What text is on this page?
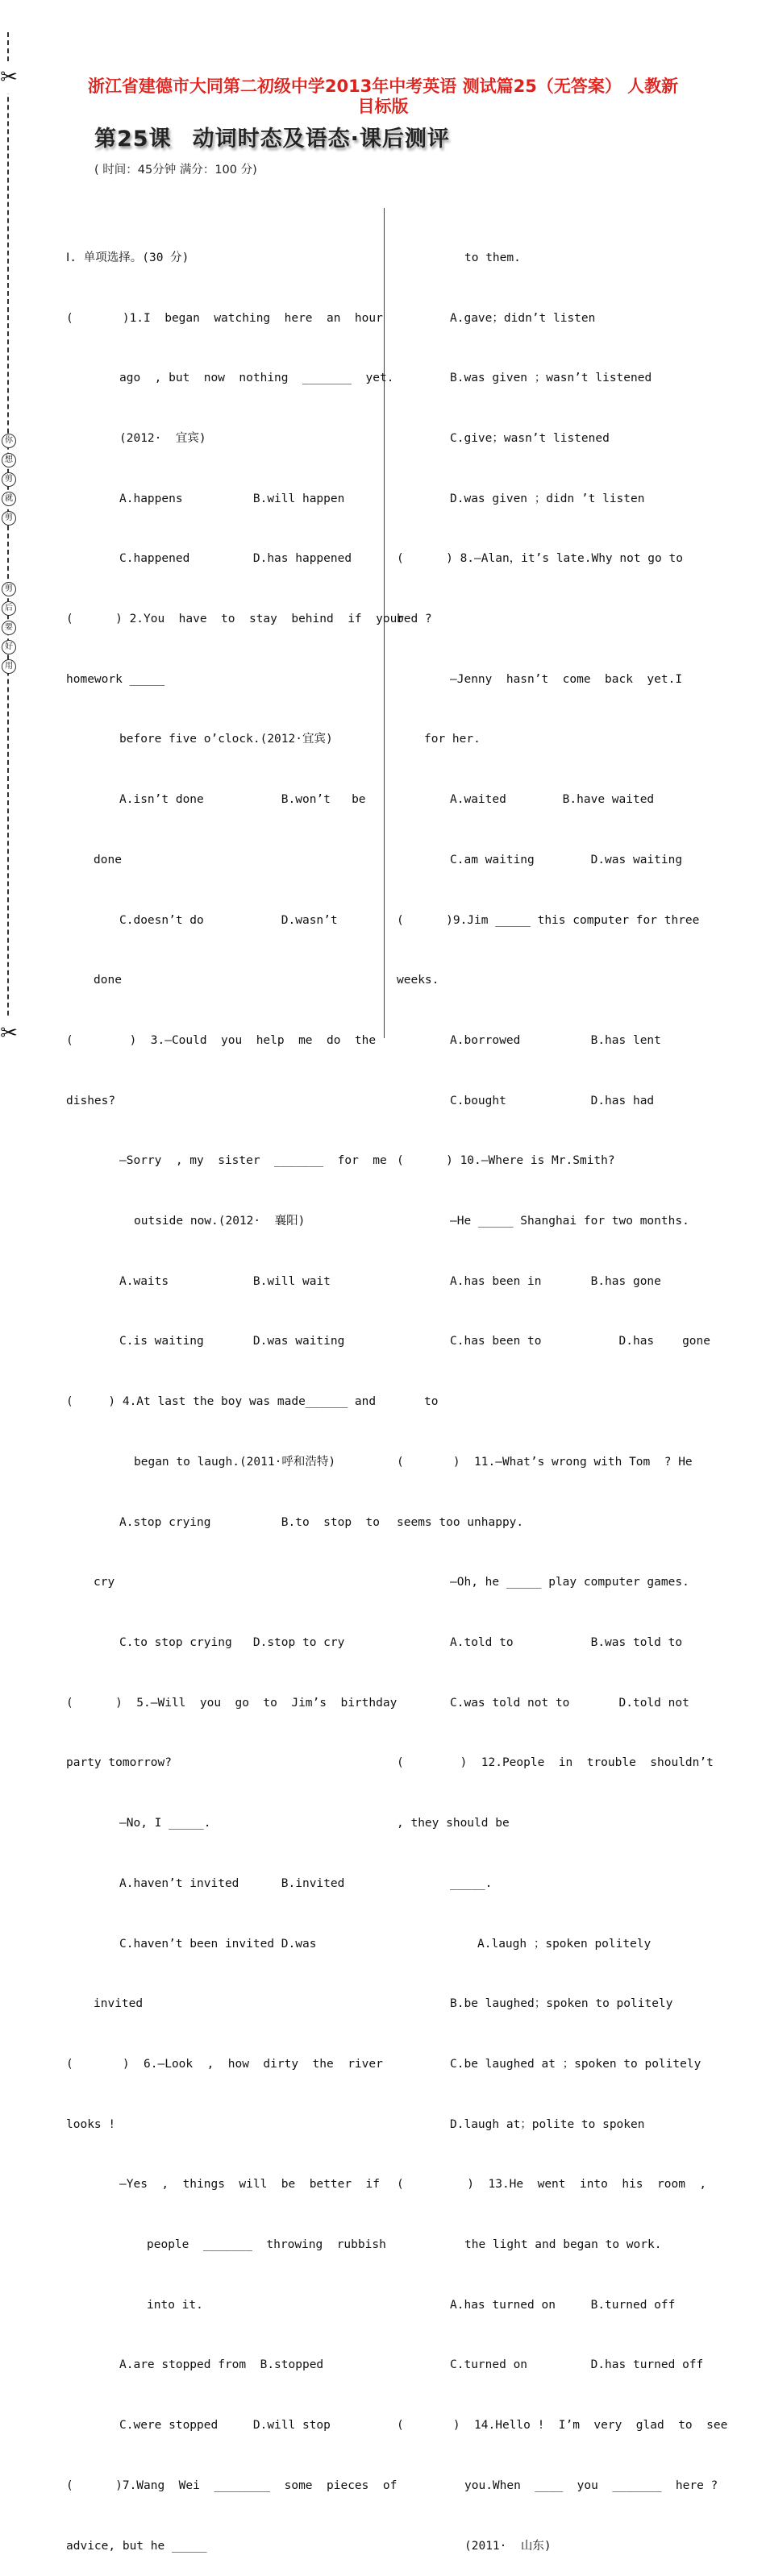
✂
✂
你
想
剪
就
剪
剪
后
要
好
用
浙江省建德市大同第二初级中学2013年中考英语 测试篇25（无答案） 人教新
目标版
第25课 动词时态及语态·课后测评
( 时间：45分钟 满分：100 分)

Ⅰ. 单项选择。(30 分)

(       )1.I  began  watching  here  an  hour

ago  , but  now  nothing  _______  yet.

(2012·  宜宾)

A.happens          B.will happen

C.happened         D.has happened

(      ) 2.You  have  to  stay  behind  if  your

homework _____

before five o’clock.(2012·宜宾)

A.isn’t done           B.won’t   be

done

C.doesn’t do           D.wasn’t

done

(        )  3.—Could  you  help  me  do  the

dishes?

—Sorry  , my  sister  _______  for  me

outside now.(2012·  襄阳)

A.waits            B.will wait

C.is waiting       D.was waiting

(     ) 4.At last the boy was made______ and

began to laugh.(2011·呼和浩特)

A.stop crying          B.to  stop  to

cry

C.to stop crying   D.stop to cry

(      )  5.—Will  you  go  to  Jim’s  birthday

party tomorrow?

—No, I _____.

A.haven’t invited      B.invited

C.haven’t been invited D.was

invited

(       )  6.—Look  ,  how  dirty  the  river

looks !

—Yes  ,  things  will  be  better  if

people  _______  throwing  rubbish

into it.

A.are stopped from  B.stopped

C.were stopped     D.will stop

(      )7.Wang  Wei  ________  some  pieces  of

advice, but he _____

to them.

A.gave；didn’t listen

B.was given ；wasn’t listened

C.give；wasn’t listened

D.was given ；didn ’t listen

(      ) 8.—Alan，it’s late.Why not go to

bed ?

—Jenny  hasn’t  come  back  yet.I

for her.

A.waited        B.have waited

C.am waiting        D.was waiting

(      )9.Jim _____ this computer for three

weeks.

A.borrowed          B.has lent

C.bought            D.has had

(      ) 10.—Where is Mr.Smith?

—He _____ Shanghai for two months.

A.has been in       B.has gone

C.has been to           D.has    gone

to

(       )  11.—What’s wrong with Tom  ? He

seems too unhappy.

—Oh, he _____ play computer games.

A.told to           B.was told to

C.was told not to       D.told not

(        )  12.People  in  trouble  shouldn’t

, they should be

_____.

A.laugh ；spoken politely

B.be laughed；spoken to politely

C.be laughed at ；spoken to politely

D.laugh at；polite to spoken

(         )  13.He  went  into  his  room  ,

the light and began to work.

A.has turned on     B.turned off

C.turned on         D.has turned off

(       )  14.Hello !  I’m  very  glad  to  see

you.When  ____  you  _______  here ?

(2011·  山东)
